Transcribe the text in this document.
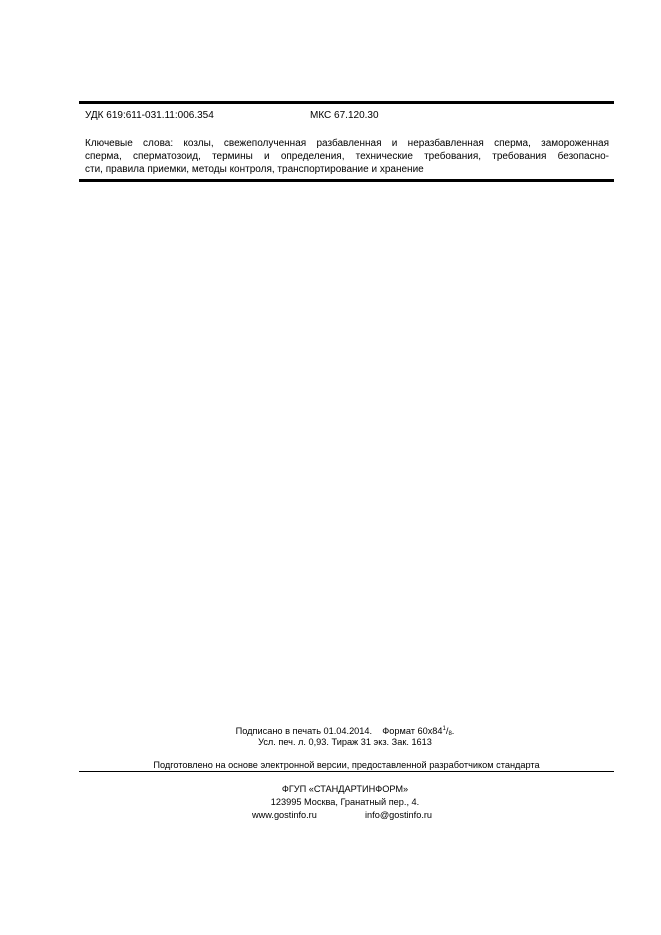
УДК 619:611-031.11:006.354	МКС 67.120.30
Ключевые слова: козлы, свежеполученная разбавленная и неразбавленная сперма, замороженная
сперма, сперматозоид, термины и определения, технические требования, требования безопасно-
сти, правила приемки, методы контроля, транспортирование и хранение
Подписано в печать 01.04.2014. Формат $60x84^1/_8$.
Усл. печ. л. 0,93. Тираж 31 экз. Зак. 1613
Подготовлено на основе электронной версии, предоставленной разработчиком стандарта
ФГУП «СТАНДАРТИНФОРМ»
123995 Москва, Гранатный пер., 4.
www.gostinfo.ru	info@gostinfo.ru
